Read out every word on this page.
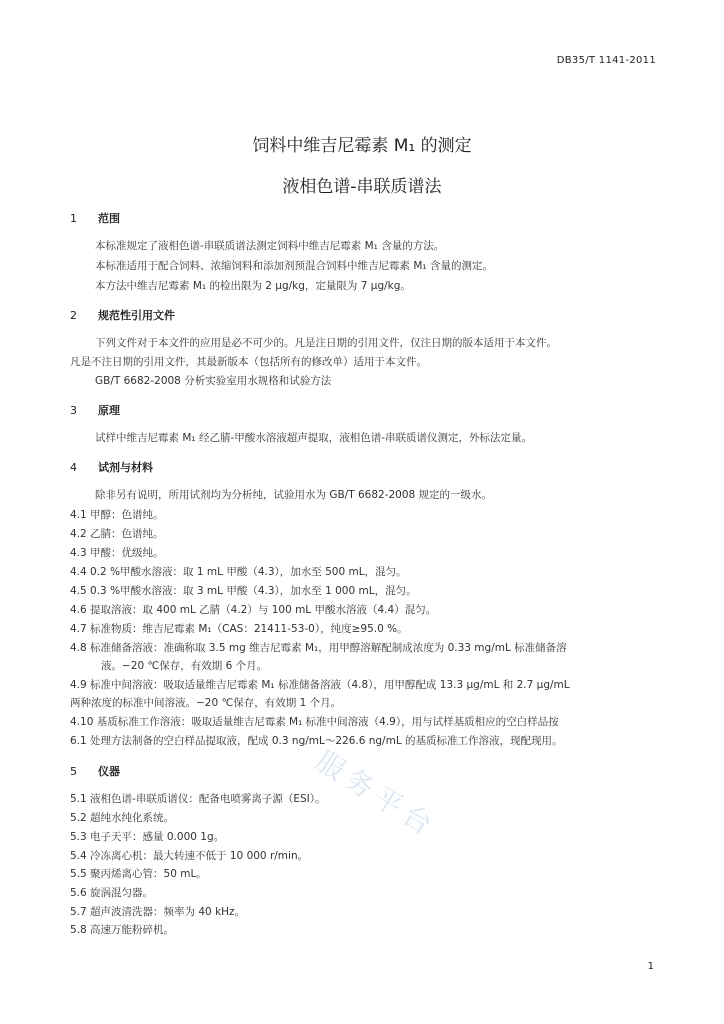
DB35/T 1141-2011
饲料中维吉尼霉素 M₁ 的测定
液相色谱-串联质谱法
1 范围
本标准规定了液相色谱-串联质谱法测定饲料中维吉尼霉素 M₁ 含量的方法。
本标准适用于配合饲料、浓缩饲料和添加剂预混合饲料中维吉尼霉素 M₁ 含量的测定。
本方法中维吉尼霉素 M₁ 的检出限为 2 μg/kg，定量限为 7 μg/kg。
2 规范性引用文件
下列文件对于本文件的应用是必不可少的。凡是注日期的引用文件，仅注日期的版本适用于本文件。
凡是不注日期的引用文件，其最新版本（包括所有的修改单）适用于本文件。
GB/T 6682-2008 分析实验室用水规格和试验方法
3 原理
试样中维吉尼霉素 M₁ 经乙腈-甲酸水溶液超声提取，液相色谱-串联质谱仪测定，外标法定量。
4 试剂与材料
除非另有说明，所用试剂均为分析纯，试验用水为 GB/T 6682-2008 规定的一级水。
4.1 甲醇：色谱纯。
4.2 乙腈：色谱纯。
4.3 甲酸：优级纯。
4.4 0.2 %甲酸水溶液：取 1 mL 甲酸（4.3），加水至 500 mL，混匀。
4.5 0.3 %甲酸水溶液：取 3 mL 甲酸（4.3），加水至 1 000 mL，混匀。
4.6 提取溶液：取 400 mL 乙腈（4.2）与 100 mL 甲酸水溶液（4.4）混匀。
4.7 标准物质：维吉尼霉素 M₁（CAS：21411-53-0），纯度≥95.0 %。
4.8 标准储备溶液：准确称取 3.5 mg 维吉尼霉素 M₁，用甲醇溶解配制成浓度为 0.33 mg/mL 标准储备溶
液。−20 ℃保存，有效期 6 个月。
4.9 标准中间溶液：吸取适量维吉尼霉素 M₁ 标准储备溶液（4.8），用甲醇配成 13.3 μg/mL 和 2.7 μg/mL
两种浓度的标准中间溶液。−20 ℃保存，有效期 1 个月。
4.10 基质标准工作溶液：吸取适量维吉尼霉素 M₁ 标准中间溶液（4.9），用与试样基质相应的空白样品按
6.1 处理方法制备的空白样品提取液，配成 0.3 ng/mL～226.6 ng/mL 的基质标准工作溶液，现配现用。
5 仪器
5.1 液相色谱-串联质谱仪：配备电喷雾离子源（ESI）。
5.2 超纯水纯化系统。
5.3 电子天平：感量 0.000 1g。
5.4 冷冻离心机：最大转速不低于 10 000 r/min。
5.5 聚丙烯离心管：50 mL。
5.6 旋涡混匀器。
5.7 超声波清洗器：频率为 40 kHz。
5.8 高速万能粉碎机。
服务平台
1
